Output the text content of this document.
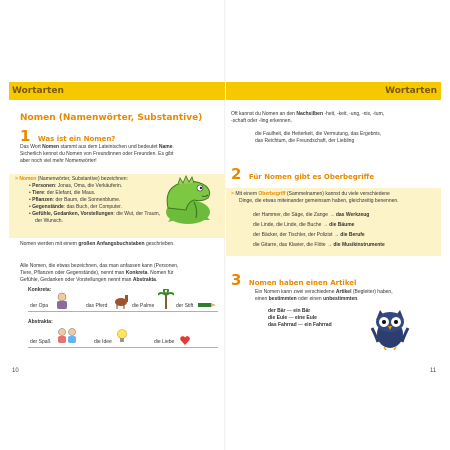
Wortarten
Nomen (Namenwörter, Substantive)
1 Was ist ein Nomen?
Das Wort Nomen stammt aus dem Lateinischen und bedeutet Name.
Sicherlich kennst du Nomen von Freundinnen oder Freunden. Es gibt
aber noch viel mehr Nomenwörter!
> Nomen (Namenwörter, Substantive) bezeichnen:
• Personen: Jonas, Oma, die Verkäuferin.
• Tiere: der Elefant, die Maus.
• Pflanzen: der Baum, die Sonnenblume.
• Gegenstände: das Buch, der Computer.
• Gefühle, Gedanken, Vorstellungen: die Wut, der Traum,
der Wunsch.
Nomen werden mit einem großen Anfangsbuchstaben geschrieben.
Alle Nomen, die etwas bezeichnen, das man anfassen kann (Personen,
Tiere, Pflanzen oder Gegenstände), nennt man Konkreta. Nomen für
Gefühle, Gedanken oder Vorstellungen nennt man Abstrakta.
Konkreta:
der Opa	das Pferd	die Palme	der Stift
Abstrakta:
der Spaß	die Idee	die Liebe
10
Wortarten
Oft kannst du Nomen an den Nachsilben -heit, -keit, -ung, -nis, -tum,
-schaft oder -ling erkennen.
die Faulheit, die Heiterkeit, die Vermutung, das Ergebnis,
das Reichtum, die Freundschaft, der Liebling
2 Für Nomen gibt es Oberbegriffe
> Mit einem Oberbegriff (Sammelnamen) kannst du viele verschiedene
Dinge, die etwas miteinander gemeinsam haben, gleichzeitig benennen.
der Hammer, die Säge, die Zange → das Werkzeug
die Linde, die Linde, die Buche → die Bäume
der Bäcker, der Tischler, der Polizist → die Berufe
die Gitarre, das Klavier, die Flöte → die Musikinstrumente
3 Nomen haben einen Artikel
Ein Nomen kann zwei verschiedene Artikel (Begleiter) haben,
einen bestimmten oder einen unbestimmten.
der Bär — ein Bär
die Eule — eine Eule
das Fahrrad — ein Fahrrad
11
